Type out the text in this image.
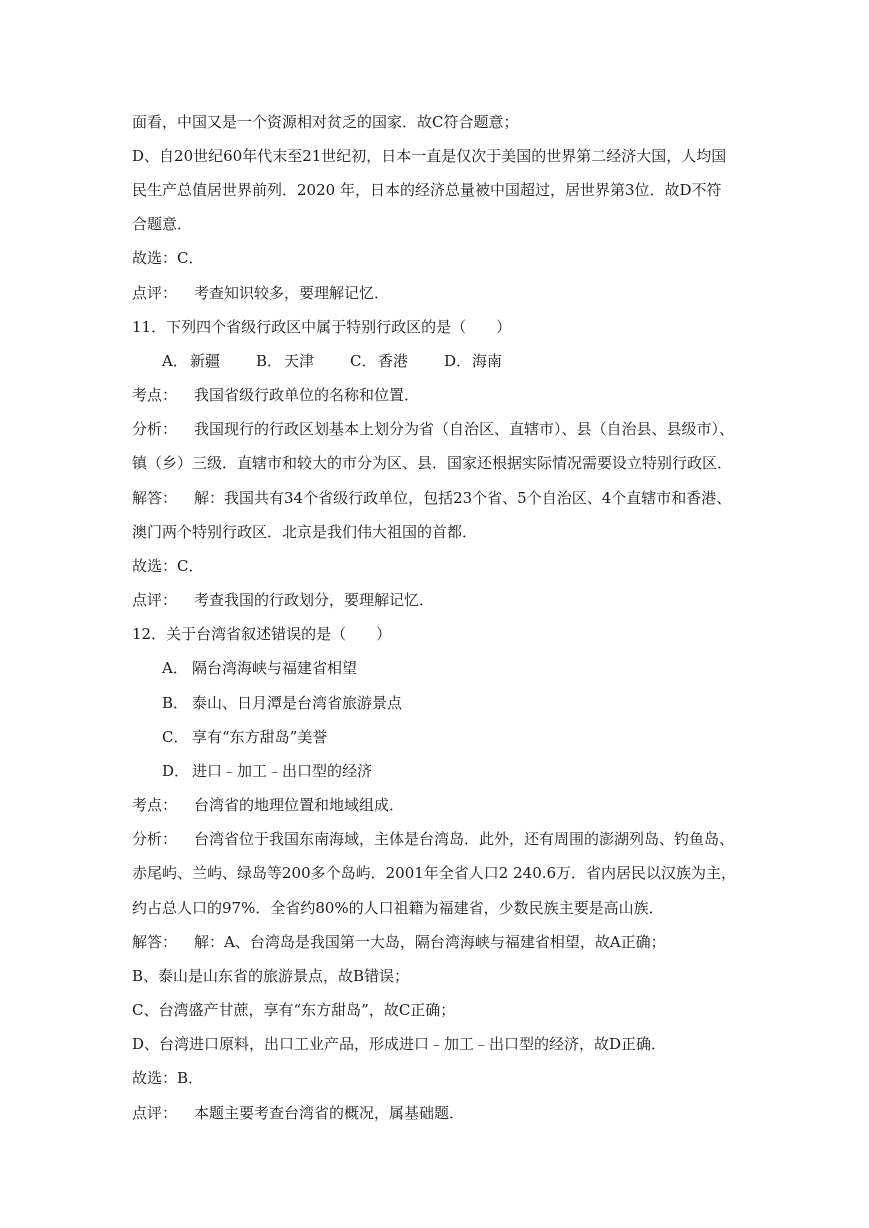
面看，中国又是一个资源相对贫乏的国家．故C符合题意；
D、自20世纪60年代末至21世纪初，日本一直是仅次于美国的世界第二经济大国，人均国
民生产总值居世界前列．2020 年，日本的经济总量被中国超过，居世界第3位．故D不符
合题意．
故选：C．
点评： 考查知识较多，要理解记忆．
11．下列四个省级行政区中属于特别行政区的是（　　）
A． 新疆 B． 天津 C． 香港 D．海南
考点： 我国省级行政单位的名称和位置．
分析： 我国现行的行政区划基本上划分为省（自治区、直辖市）、县（自治县、县级市）、
镇（乡）三级．直辖市和较大的市分为区、县．国家还根据实际情况需要设立特别行政区．
解答： 解：我国共有34个省级行政单位，包括23个省、5个自治区、4个直辖市和香港、
澳门两个特别行政区．北京是我们伟大祖国的首都．
故选：C．
点评： 考查我国的行政划分，要理解记忆．
12．关于台湾省叙述错误的是（　　）
A． 隔台湾海峡与福建省相望
B． 泰山、日月潭是台湾省旅游景点
C． 享有“东方甜岛”美誉
D． 进口﹣加工﹣出口型的经济
考点： 台湾省的地理位置和地域组成．
分析： 台湾省位于我国东南海域，主体是台湾岛．此外，还有周围的澎湖列岛、钓鱼岛、
赤尾屿、兰屿、绿岛等200多个岛屿．2001年全省人口2 240.6万．省内居民以汉族为主，
约占总人口的97%．全省约80%的人口祖籍为福建省，少数民族主要是高山族．
解答： 解：A、台湾岛是我国第一大岛，隔台湾海峡与福建省相望，故A正确；
B、泰山是山东省的旅游景点，故B错误；
C、台湾盛产甘蔗，享有“东方甜岛”，故C正确；
D、台湾进口原料，出口工业产品，形成进口﹣加工﹣出口型的经济，故D正确．
故选：B．
点评： 本题主要考查台湾省的概况，属基础题．
